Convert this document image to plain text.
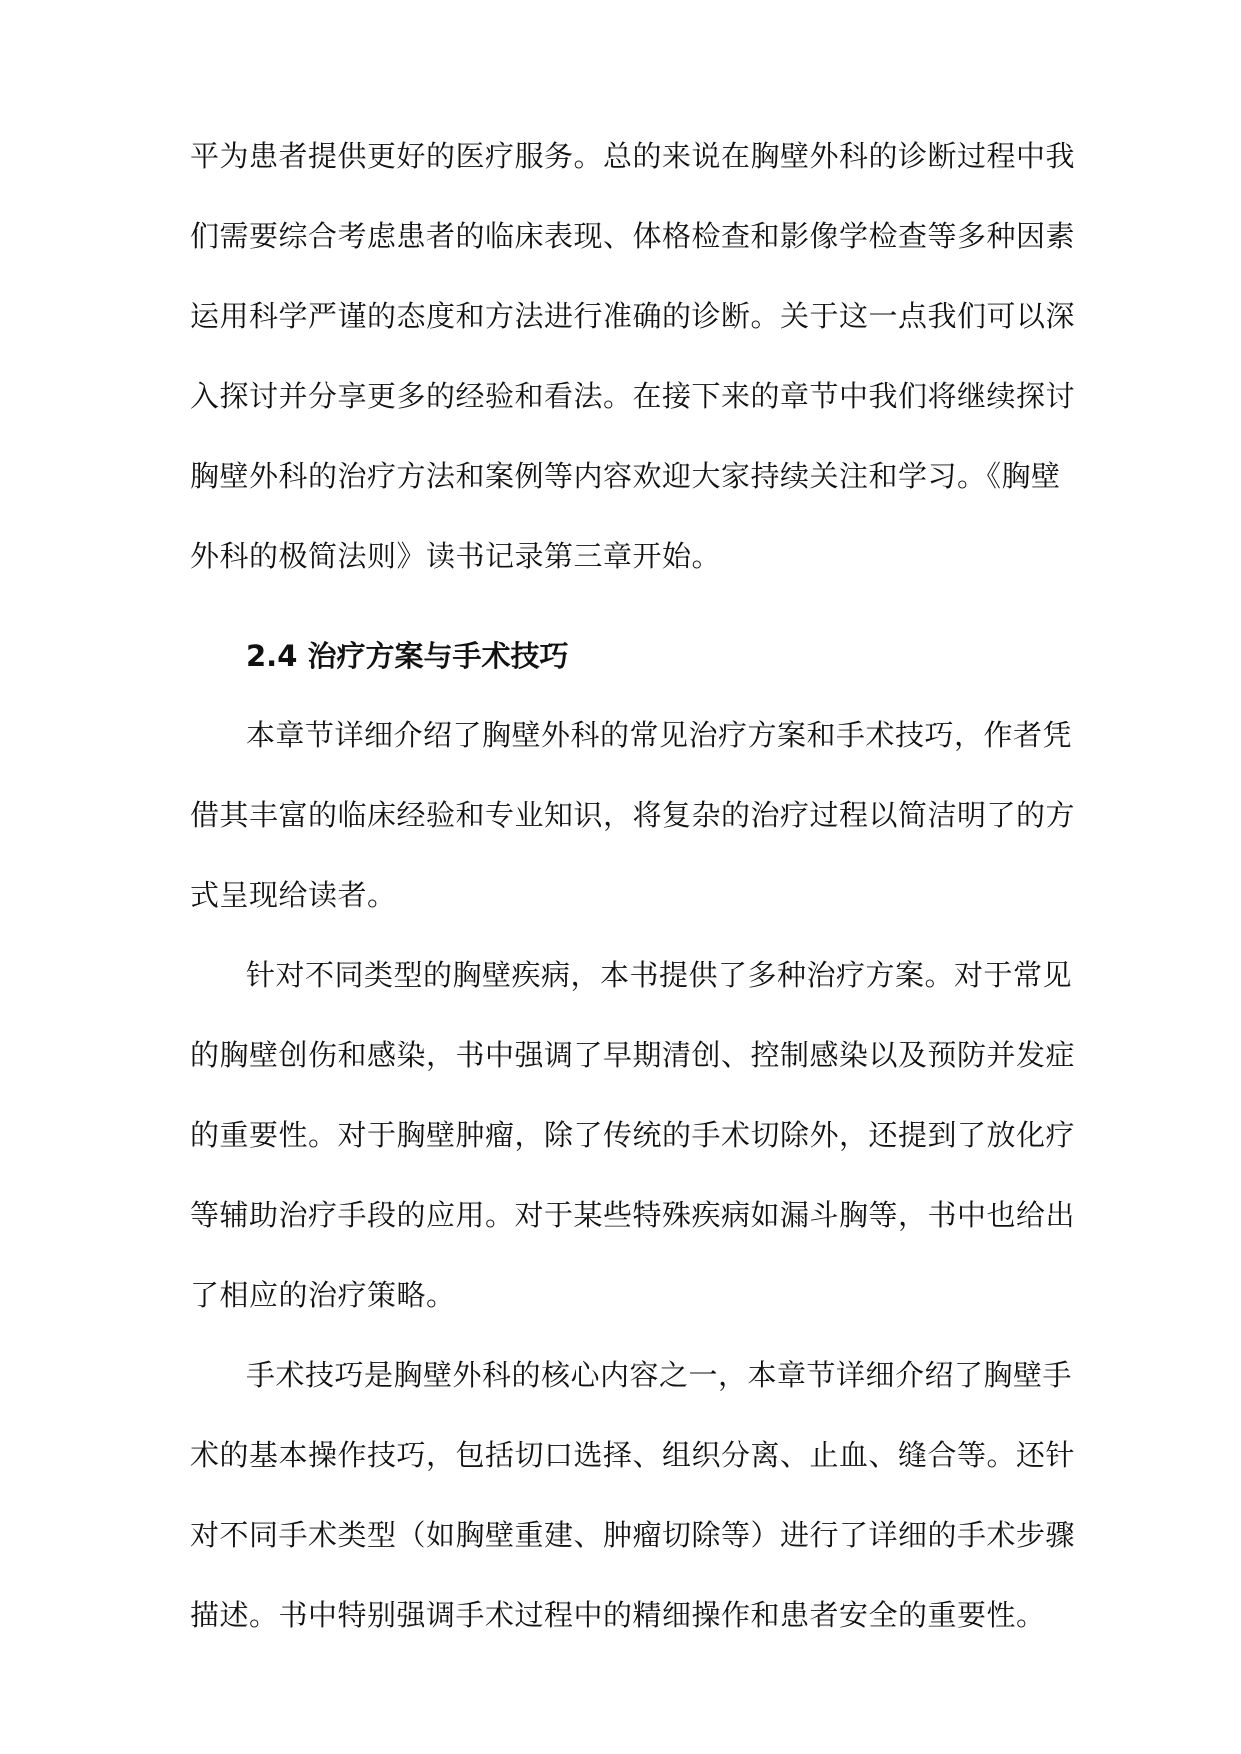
平为患者提供更好的医疗服务。总的来说在胸壁外科的诊断过程中我
们需要综合考虑患者的临床表现、体格检查和影像学检查等多种因素
运用科学严谨的态度和方法进行准确的诊断。关于这一点我们可以深
入探讨并分享更多的经验和看法。在接下来的章节中我们将继续探讨
胸壁外科的治疗方法和案例等内容欢迎大家持续关注和学习。《胸壁
外科的极简法则》读书记录第三章开始。
2.4 治疗方案与手术技巧
本章节详细介绍了胸壁外科的常见治疗方案和手术技巧，作者凭
借其丰富的临床经验和专业知识，将复杂的治疗过程以简洁明了的方
式呈现给读者。
针对不同类型的胸壁疾病，本书提供了多种治疗方案。对于常见
的胸壁创伤和感染，书中强调了早期清创、控制感染以及预防并发症
的重要性。对于胸壁肿瘤，除了传统的手术切除外，还提到了放化疗
等辅助治疗手段的应用。对于某些特殊疾病如漏斗胸等，书中也给出
了相应的治疗策略。
手术技巧是胸壁外科的核心内容之一，本章节详细介绍了胸壁手
术的基本操作技巧，包括切口选择、组织分离、止血、缝合等。还针
对不同手术类型（如胸壁重建、肿瘤切除等）进行了详细的手术步骤
描述。书中特别强调手术过程中的精细操作和患者安全的重要性。
